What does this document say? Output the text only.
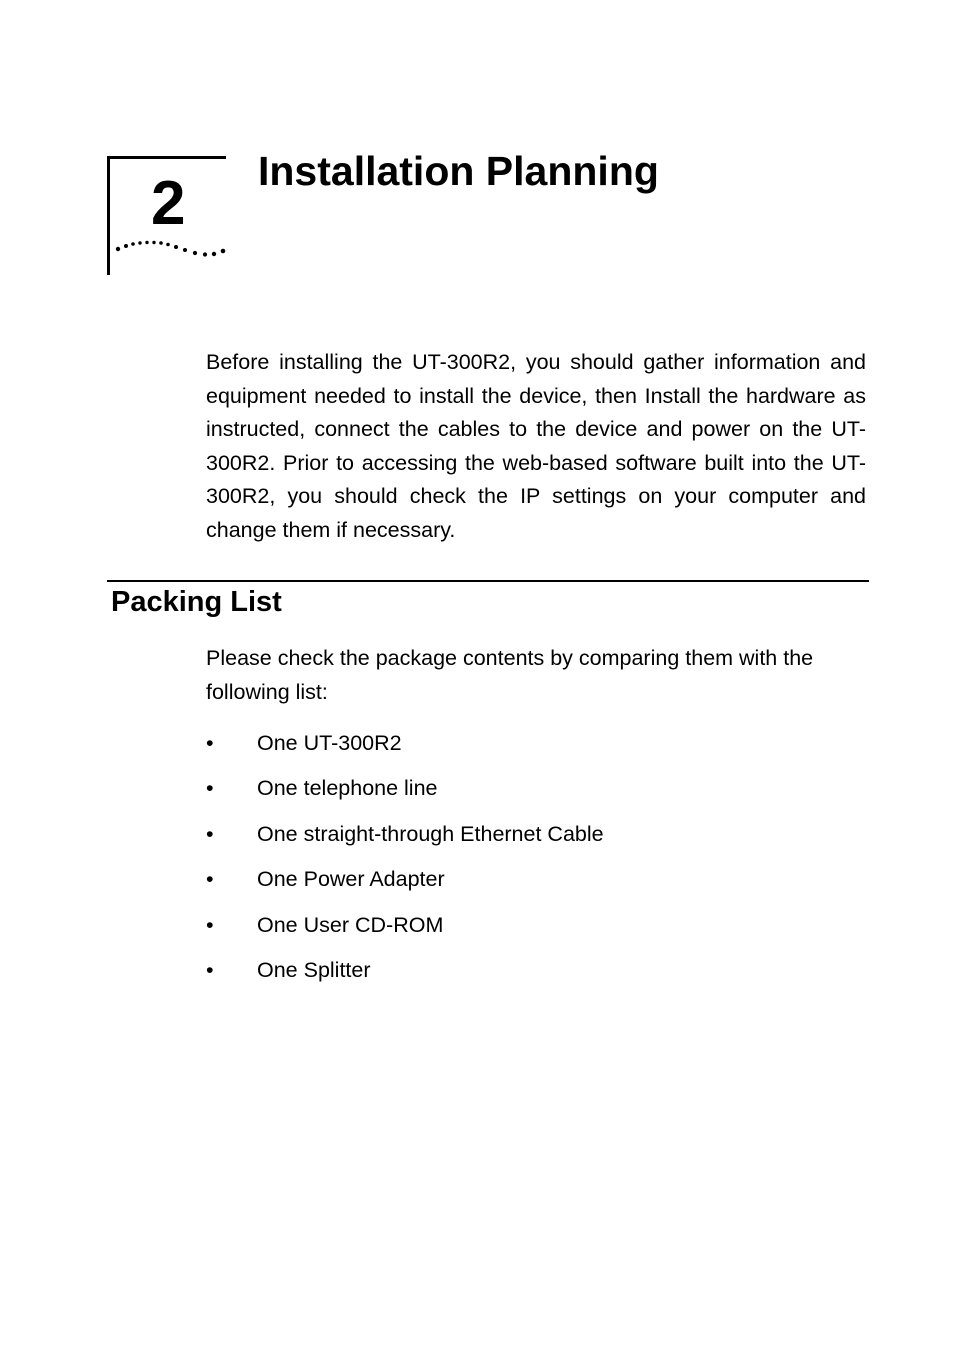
2 Installation Planning

Before installing the UT-300R2, you should gather information and equipment needed to install the device, then Install the hardware as instructed, connect the cables to the device and power on the UT-300R2. Prior to accessing the web-based software built into the UT-300R2, you should check the IP settings on your computer and change them if necessary.

Packing List

Please check the package contents by comparing them with the following list:

•	One UT-300R2
•	One telephone line
•	One straight-through Ethernet Cable
•	One Power Adapter
•	One User CD-ROM
•	One Splitter
